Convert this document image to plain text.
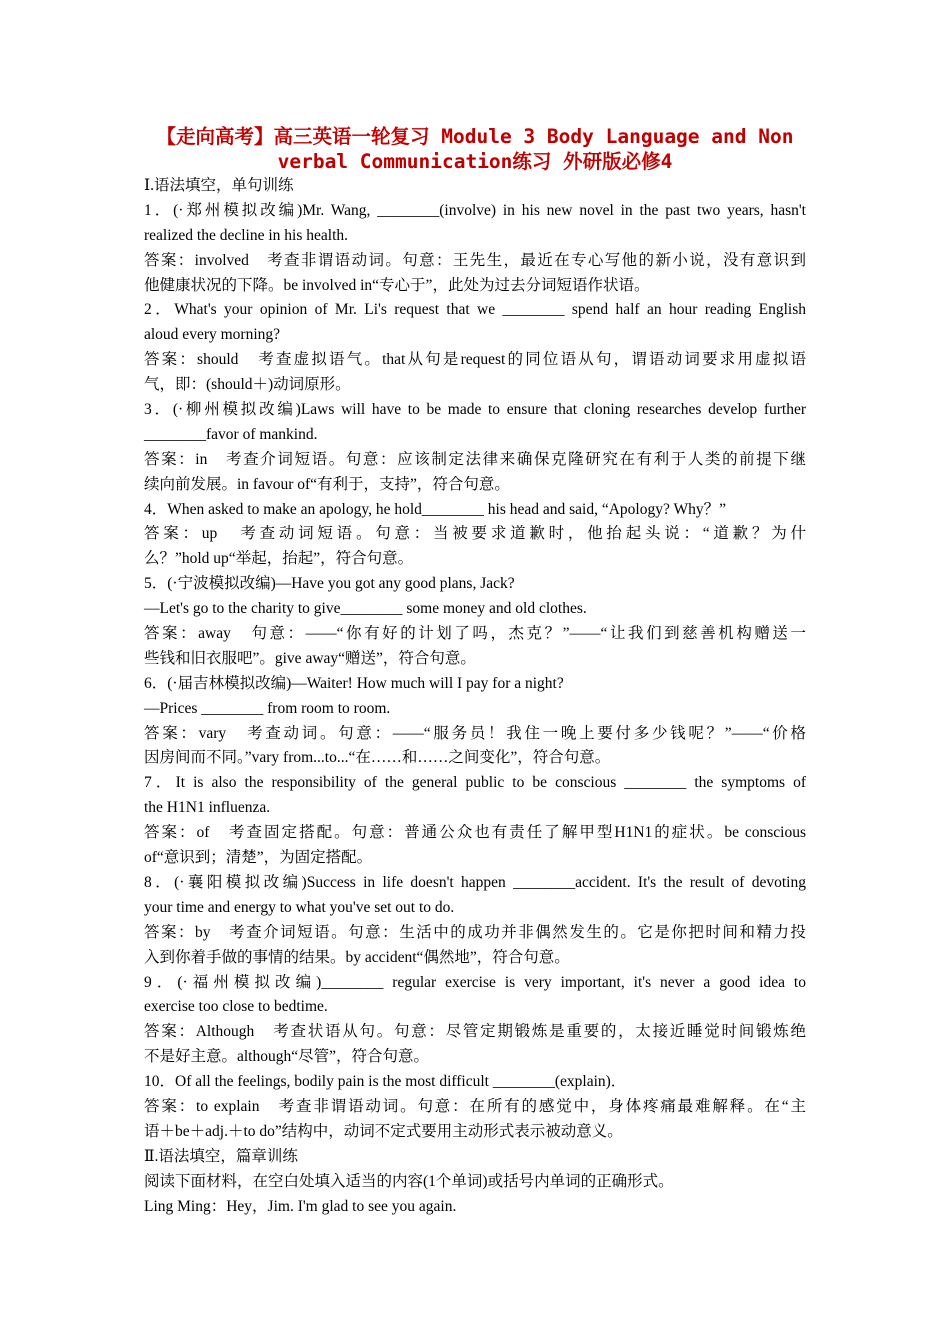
【走向高考】高三英语一轮复习 Module 3 Body Language and Non
verbal Communication练习 外研版必修4
Ⅰ.语法填空，单句训练
1．(·郑州模拟改编)Mr. Wang, ________(involve) in his new novel in the past two years, hasn't
realized the decline in his health.
答案：involved　考查非谓语动词。句意：王先生，最近在专心写他的新小说，没有意识到
他健康状况的下降。be involved in“专心于”，此处为过去分词短语作状语。
2．What's your opinion of Mr. Li's request that we ________ spend half an hour reading English
aloud every morning?
答案：should　考查虚拟语气。that从句是request的同位语从句，谓语动词要求用虚拟语
气，即：(should＋)动词原形。
3．(·柳州模拟改编)Laws will have to be made to ensure that cloning researches develop further
________favor of mankind.
答案：in　考查介词短语。句意：应该制定法律来确保克隆研究在有利于人类的前提下继
续向前发展。in favour of“有利于，支持”，符合句意。
4．When asked to make an apology, he hold________ his head and said, “Apology? Why？”
答案：up　考查动词短语。句意：当被要求道歉时，他抬起头说：“道歉？为什
么？”hold up“举起，抬起”，符合句意。
5．(·宁波模拟改编)—Have you got any good plans, Jack?
—Let's go to the charity to give________ some money and old clothes.
答案：away　句意：——“你有好的计划了吗，杰克？”——“让我们到慈善机构赠送一
些钱和旧衣服吧”。give away“赠送”，符合句意。
6．(·届吉林模拟改编)—Waiter! How much will I pay for a night?
—Prices ________ from room to room.
答案：vary　考查动词。句意：——“服务员！我住一晚上要付多少钱呢？”——“价格
因房间而不同。”vary from...to...“在……和……之间变化”，符合句意。
7．It is also the responsibility of the general public to be conscious ________ the symptoms of
the H1N1 influenza.
答案：of　考查固定搭配。句意：普通公众也有责任了解甲型H1N1的症状。be conscious
of“意识到；清楚”，为固定搭配。
8．(·襄阳模拟改编)Success in life doesn't happen ________accident. It's the result of devoting
your time and energy to what you've set out to do.
答案：by　考查介词短语。句意：生活中的成功并非偶然发生的。它是你把时间和精力投
入到你着手做的事情的结果。by accident“偶然地”，符合句意。
9．(·福州模拟改编)________ regular exercise is very important, it's never a good idea to
exercise too close to bedtime.
答案：Although　考查状语从句。句意：尽管定期锻炼是重要的，太接近睡觉时间锻炼绝
不是好主意。although“尽管”，符合句意。
10．Of all the feelings, bodily pain is the most difficult ________(explain)．
答案：to explain　考查非谓语动词。句意：在所有的感觉中，身体疼痛最难解释。在“主
语＋be＋adj.＋to do”结构中，动词不定式要用主动形式表示被动意义。
Ⅱ.语法填空，篇章训练
阅读下面材料，在空白处填入适当的内容(1个单词)或括号内单词的正确形式。
Ling Ming：Hey，Jim. I'm glad to see you again.
